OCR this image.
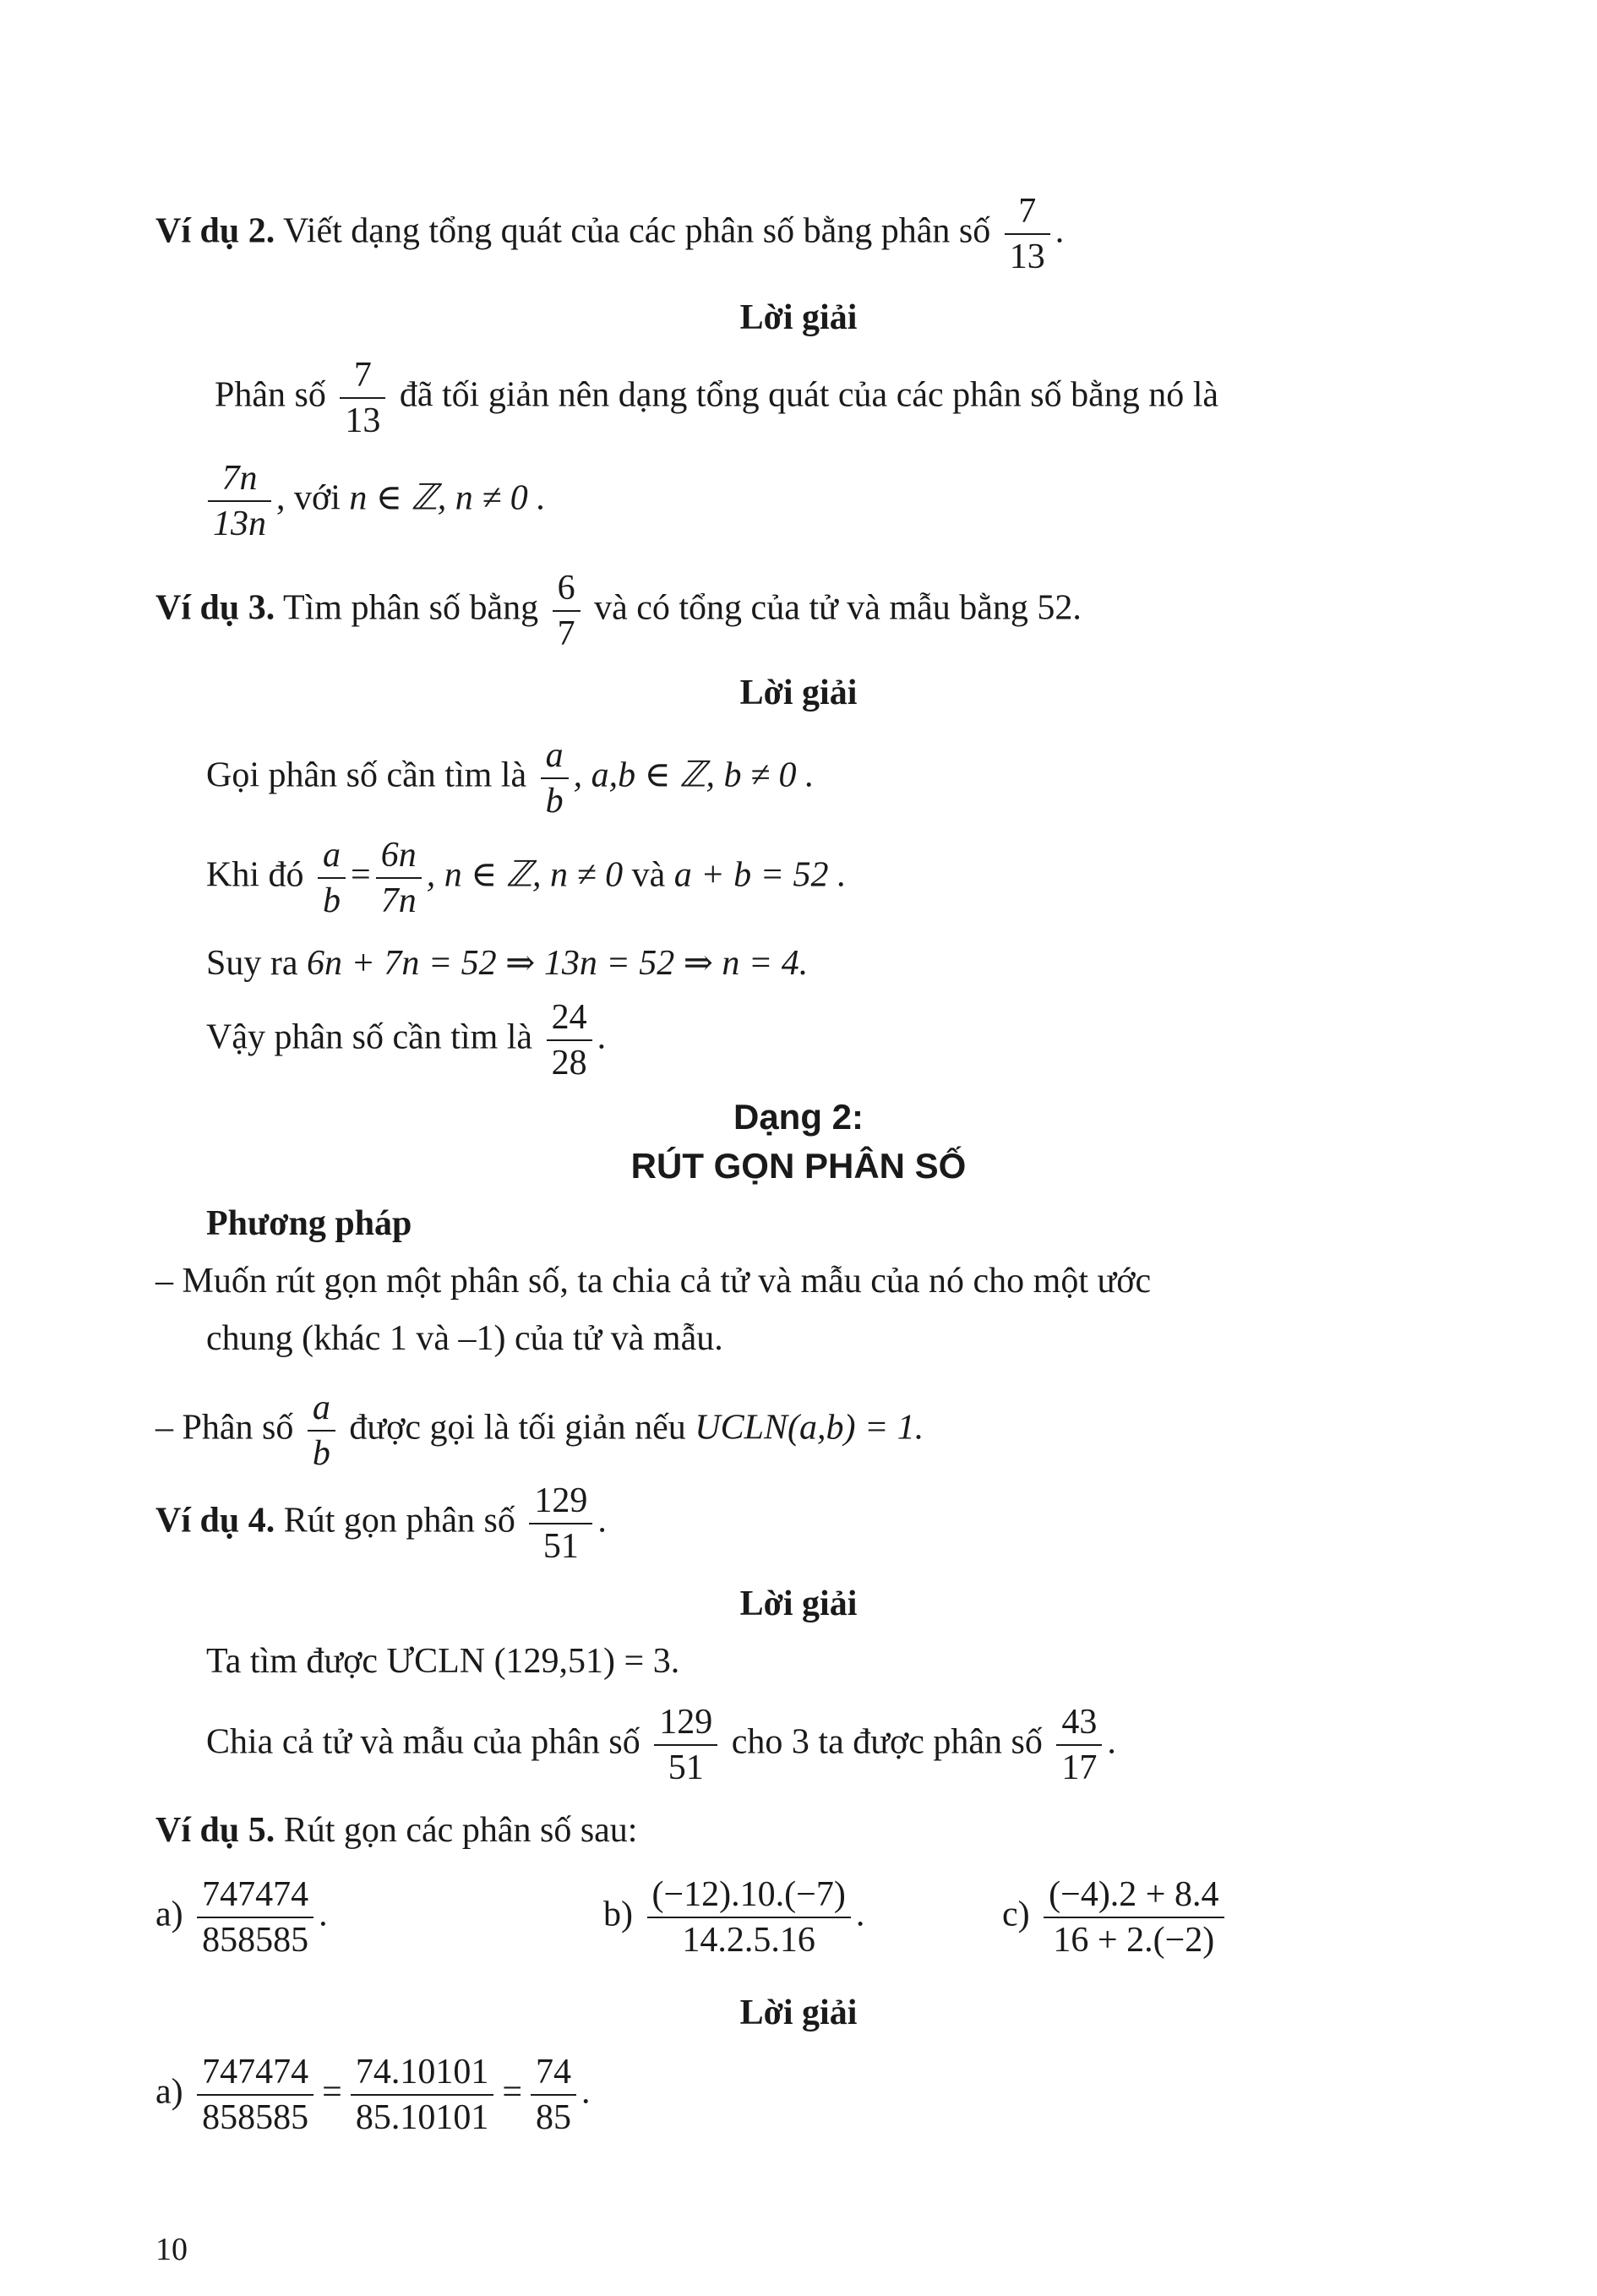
Ví dụ 2. Viết dạng tổng quát của các phân số bằng phân số $\frac{7}{13}$ .
Lời giải
Phân số $\frac{7}{13}$ đã tối giản nên dạng tổng quát của các phân số bằng nó là
$\frac{7n}{13n}$ , với n ∈ ℤ, n ≠ 0 .
Ví dụ 3. Tìm phân số bằng $\frac{6}{7}$ và có tổng của tử và mẫu bằng 52.
Lời giải
Gọi phân số cần tìm là $\frac{a}{b}$ , a,b ∈ ℤ, b ≠ 0 .
Khi đó $\frac{a}{b} = \frac{6n}{7n}$ , n ∈ ℤ, n ≠ 0 và a + b = 52 .
Suy ra 6n + 7n = 52 ⇒ 13n = 52 ⇒ n = 4.
Vậy phân số cần tìm là $\frac{24}{28}$ .
Dạng 2:
RÚT GỌN PHÂN SỐ
Phương pháp
– Muốn rút gọn một phân số, ta chia cả tử và mẫu của nó cho một ước
chung (khác 1 và –1) của tử và mẫu.
– Phân số $\frac{a}{b}$ được gọi là tối giản nếu UCLN(a,b) = 1.
Ví dụ 4. Rút gọn phân số $\frac{129}{51}$ .
Lời giải
Ta tìm được ƯCLN (129,51) = 3.
Chia cả tử và mẫu của phân số $\frac{129}{51}$ cho 3 ta được phân số $\frac{43}{17}$ .
Ví dụ 5. Rút gọn các phân số sau:
$a) \frac{747474}{858585}$ .	$b) \frac{(-12).10.(-7)}{14.2.5.16}$ .	$c) \frac{(-4).2 + 8.4}{16 + 2.(-2)}$
Lời giải
$a) \frac{747474}{858585} = \frac{74.10101}{85.10101} = \frac{74}{85}$ .
10
